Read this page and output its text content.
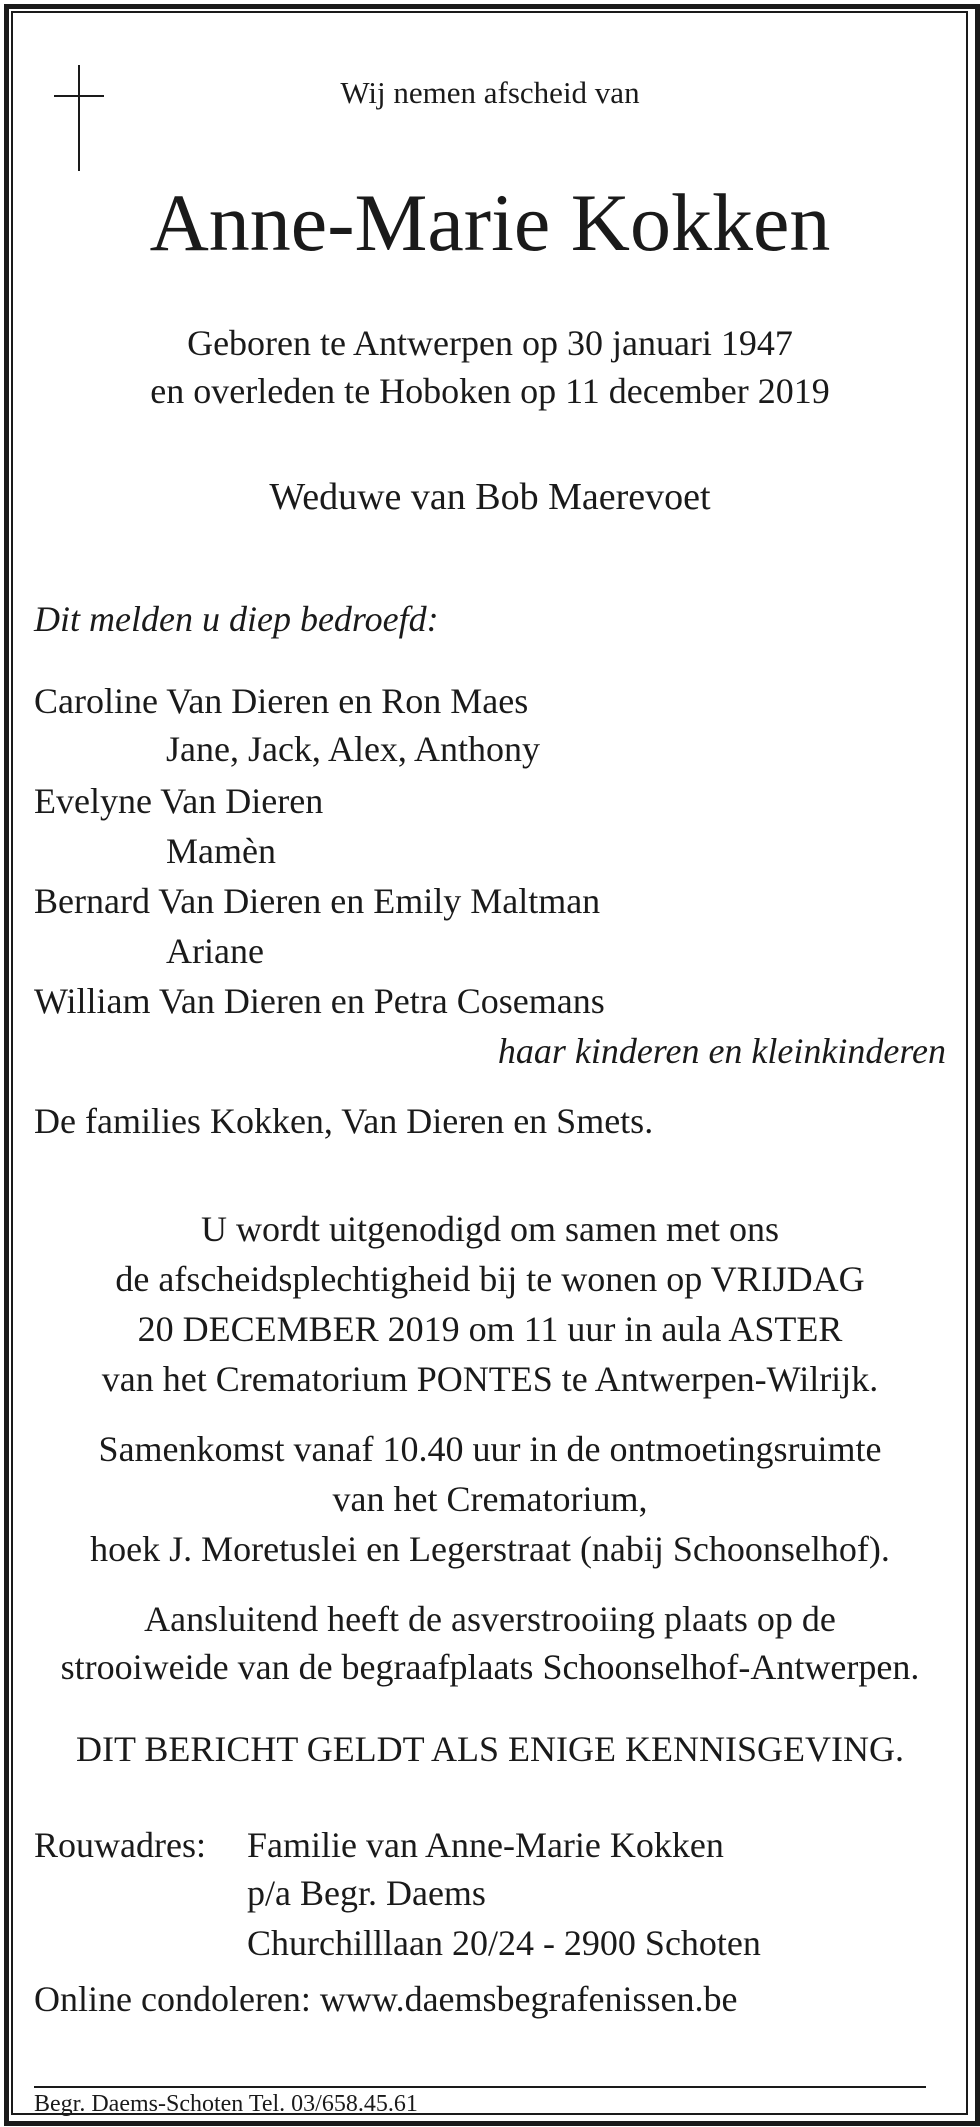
Wij nemen afscheid van
Anne-Marie Kokken
Geboren te Antwerpen op 30 januari 1947
en overleden te Hoboken op 11 december 2019
Weduwe van Bob Maerevoet
Dit melden u diep bedroefd:
Caroline Van Dieren en Ron Maes
Jane, Jack, Alex, Anthony
Evelyne Van Dieren
Mamèn
Bernard Van Dieren en Emily Maltman
Ariane
William Van Dieren en Petra Cosemans
haar kinderen en kleinkinderen
De families Kokken, Van Dieren en Smets.
U wordt uitgenodigd om samen met ons
de afscheidsplechtigheid bij te wonen op VRIJDAG
20 DECEMBER 2019 om 11 uur in aula ASTER
van het Crematorium PONTES te Antwerpen-Wilrijk.
Samenkomst vanaf 10.40 uur in de ontmoetingsruimte
van het Crematorium,
hoek J. Moretuslei en Legerstraat (nabij Schoonselhof).
Aansluitend heeft de asverstrooiing plaats op de
strooiweide van de begraafplaats Schoonselhof-Antwerpen.
DIT BERICHT GELDT ALS ENIGE KENNISGEVING.
Rouwadres: Familie van Anne-Marie Kokken
p/a Begr. Daems
Churchilllaan 20/24 - 2900 Schoten
Online condoleren: www.daemsbegrafenissen.be
Begr. Daems-Schoten Tel. 03/658.45.61
